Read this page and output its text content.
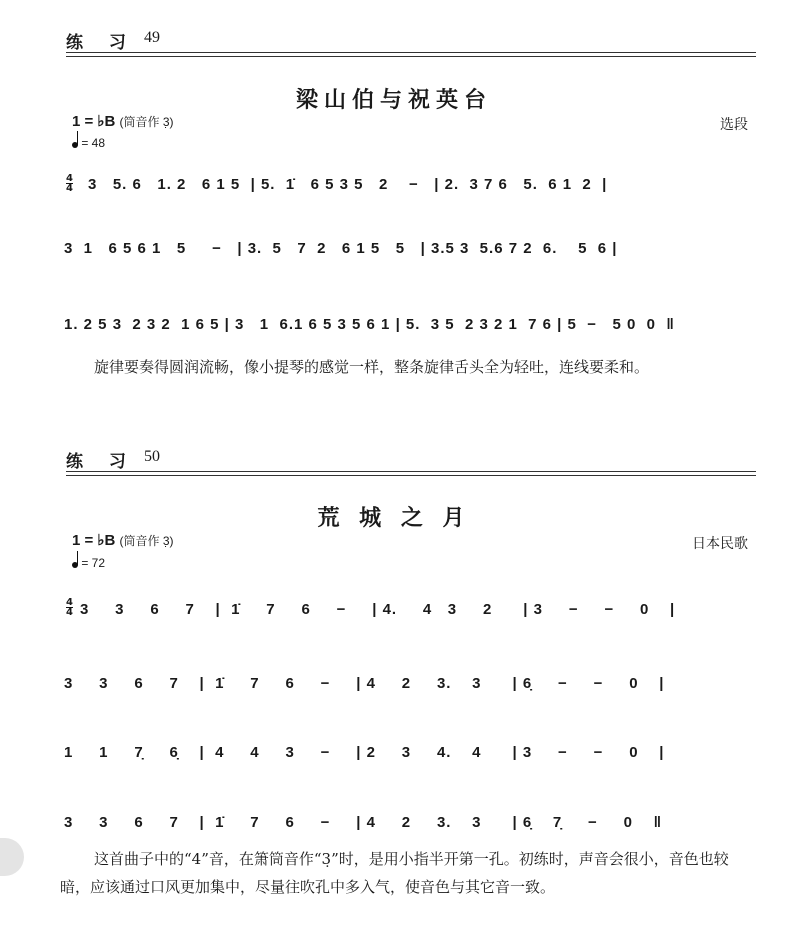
练 习 49
梁山伯与祝英台
1 = ♭B (筒音作 3̣)
= 48
选段
4
4 3   5. 6   1. 2   6 1 5  | 5.  1̇   6 5 3 5   2    −   | 2.  3 7 6   5.  6 1  2  |
3  1   6 5 6 1   5     −   | 3.  5   7  2   6 1 5   5   | 3.5 3  5.6 7 2  6.    5  6 |
1. 2 5 3  2 3 2  1 6 5 | 3   1  6.1 6 5 3 5 6 1 | 5.  3 5  2 3 2 1  7 6 | 5  −   5 0  0  ‖
旋律要奏得圆润流畅，像小提琴的感觉一样，整条旋律舌头全为轻吐，连线要柔和。
练 习 50
荒 城 之 月
1 = ♭B (筒音作 3̣)
= 72
日本民歌
4
4 3     3     6     7    |  1̇     7     6     −     | 4.     4   3     2      | 3     −     −     0    |
3     3     6     7    |  1̇     7     6     −     | 4     2     3.    3      | 6̣     −     −     0    |
1     1     7̣     6̣    |  4     4     3     −     | 2     3     4.    4      | 3     −     −     0    |
3     3     6     7    |  1̇     7     6     −     | 4     2     3.    3      | 6̣    7̣     −     0    ‖
这首曲子中的“4”音，在箫筒音作“3̣”时，是用小指半开第一孔。初练时，声音会很小，音色也较暗，应该通过口风更加集中，尽量往吹孔中多入气，使音色与其它音一致。
